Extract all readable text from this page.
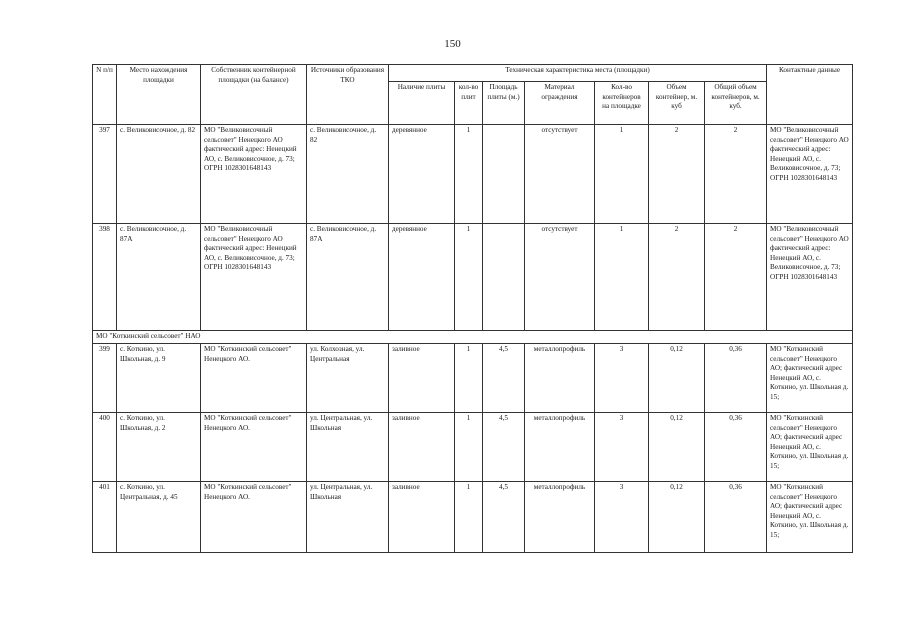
150
N п/п	Место нахождения площадки	Собственник контейнерной площадки (на балансе)	Источники образования ТКО	Техническая характеристика места (площадки)							Контактные данные
				Наличие плиты	кол-во плит	Площадь плиты (м.)	Материал ограждения	Кол-во контейнеров на площадке	Объем контейнер, м. куб	Общий объем контейнеров, м. куб.	
397	с. Великовисочное, д. 82	МО "Великовисочный сельсовет" Ненецкого АО фактический адрес: Ненецкий АО, с. Великовисочное, д. 73; ОГРН 1028301648143	с. Великовисочное, д. 82	деревянное	1		отсутствует	1	2	2	МО "Великовисочный сельсовет" Ненецкого АО фактический адрес: Ненецкий АО, с. Великовисочное, д. 73; ОГРН 1028301648143
398	с. Великовисочное, д. 87А	МО "Великовисочный сельсовет" Ненецкого АО фактический адрес: Ненецкий АО, с. Великовисочное, д. 73; ОГРН 1028301648143	с. Великовисочное, д. 87А	деревянное	1		отсутствует	1	2	2	МО "Великовисочный сельсовет" Ненецкого АО фактический адрес: Ненецкий АО, с. Великовисочное, д. 73; ОГРН 1028301648143
МО "Коткинский сельсовет" НАО											
399	с. Коткино, ул. Школьная, д. 9	МО "Коткинский сельсовет" Ненецкого АО.	ул. Колхозная, ул. Центральная	заливное	1	4,5	металлопрофиль	3	0,12	0,36	МО "Коткинский сельсовет" Ненецкого АО; фактический адрес Ненецкий АО, с. Коткино, ул. Школьная д. 15;
400	с. Коткино, ул. Школьная, д. 2	МО "Коткинский сельсовет" Ненецкого АО.	ул. Центральная, ул. Школьная	заливное	1	4,5	металлопрофиль	3	0,12	0,36	МО "Коткинский сельсовет" Ненецкого АО; фактический адрес Ненецкий АО, с. Коткино, ул. Школьная д. 15;
401	с. Коткино, ул. Центральная, д. 45	МО "Коткинский сельсовет" Ненецкого АО.	ул. Центральная, ул. Школьная	заливное	1	4,5	металлопрофиль	3	0,12	0,36	МО "Коткинский сельсовет" Ненецкого АО; фактический адрес Ненецкий АО, с. Коткино, ул. Школьная д. 15;
